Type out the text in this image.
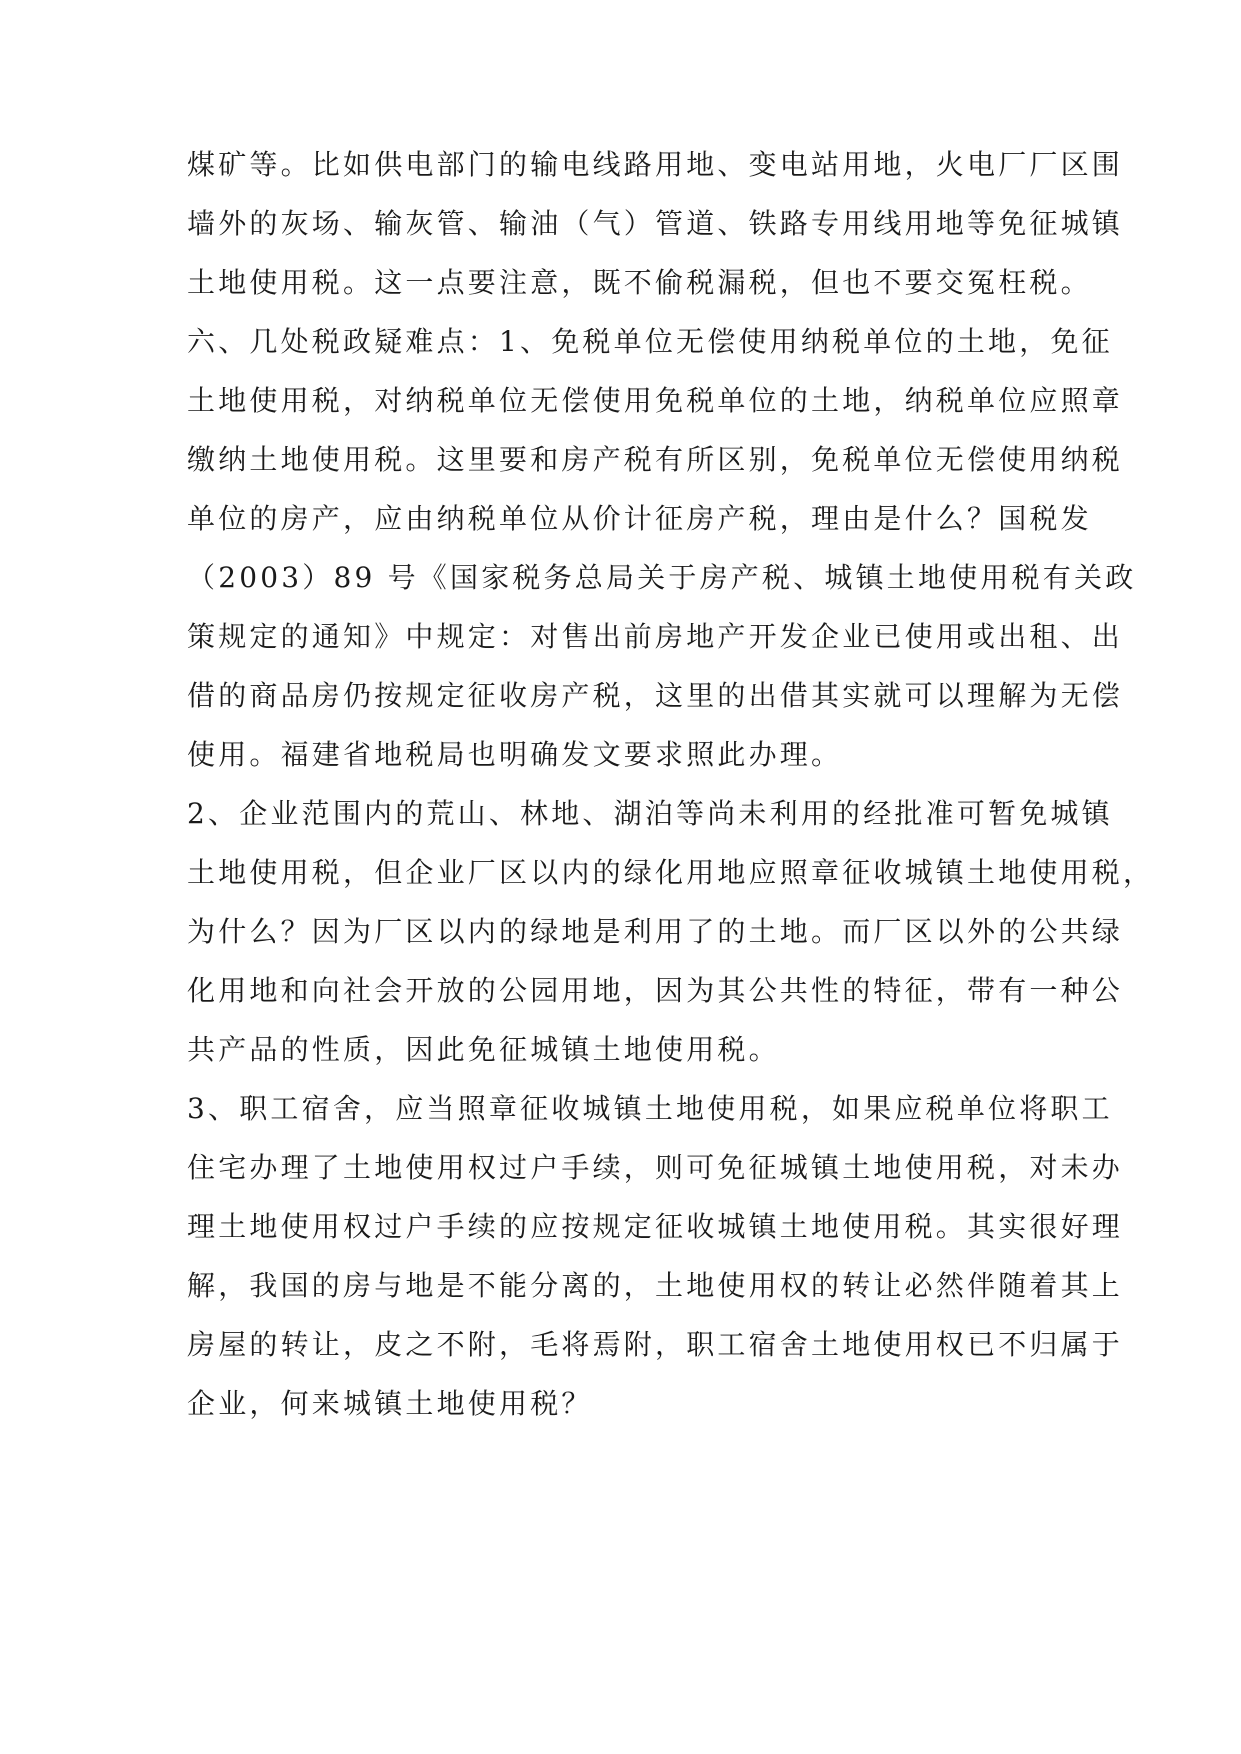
煤矿等。比如供电部门的输电线路用地、变电站用地，火电厂厂区围
墙外的灰场、输灰管、输油（气）管道、铁路专用线用地等免征城镇
土地使用税。这一点要注意，既不偷税漏税，但也不要交冤枉税。
六、几处税政疑难点：1、免税单位无偿使用纳税单位的土地，免征
土地使用税，对纳税单位无偿使用免税单位的土地，纳税单位应照章
缴纳土地使用税。这里要和房产税有所区别，免税单位无偿使用纳税
单位的房产，应由纳税单位从价计征房产税，理由是什么？国税发
（2003）89 号《国家税务总局关于房产税、城镇土地使用税有关政
策规定的通知》中规定：对售出前房地产开发企业已使用或出租、出
借的商品房仍按规定征收房产税，这里的出借其实就可以理解为无偿
使用。福建省地税局也明确发文要求照此办理。
2、企业范围内的荒山、林地、湖泊等尚未利用的经批准可暂免城镇
土地使用税，但企业厂区以内的绿化用地应照章征收城镇土地使用税，
为什么？因为厂区以内的绿地是利用了的土地。而厂区以外的公共绿
化用地和向社会开放的公园用地，因为其公共性的特征，带有一种公
共产品的性质，因此免征城镇土地使用税。
3、职工宿舍，应当照章征收城镇土地使用税，如果应税单位将职工
住宅办理了土地使用权过户手续，则可免征城镇土地使用税，对未办
理土地使用权过户手续的应按规定征收城镇土地使用税。其实很好理
解，我国的房与地是不能分离的，土地使用权的转让必然伴随着其上
房屋的转让，皮之不附，毛将焉附，职工宿舍土地使用权已不归属于
企业，何来城镇土地使用税？
